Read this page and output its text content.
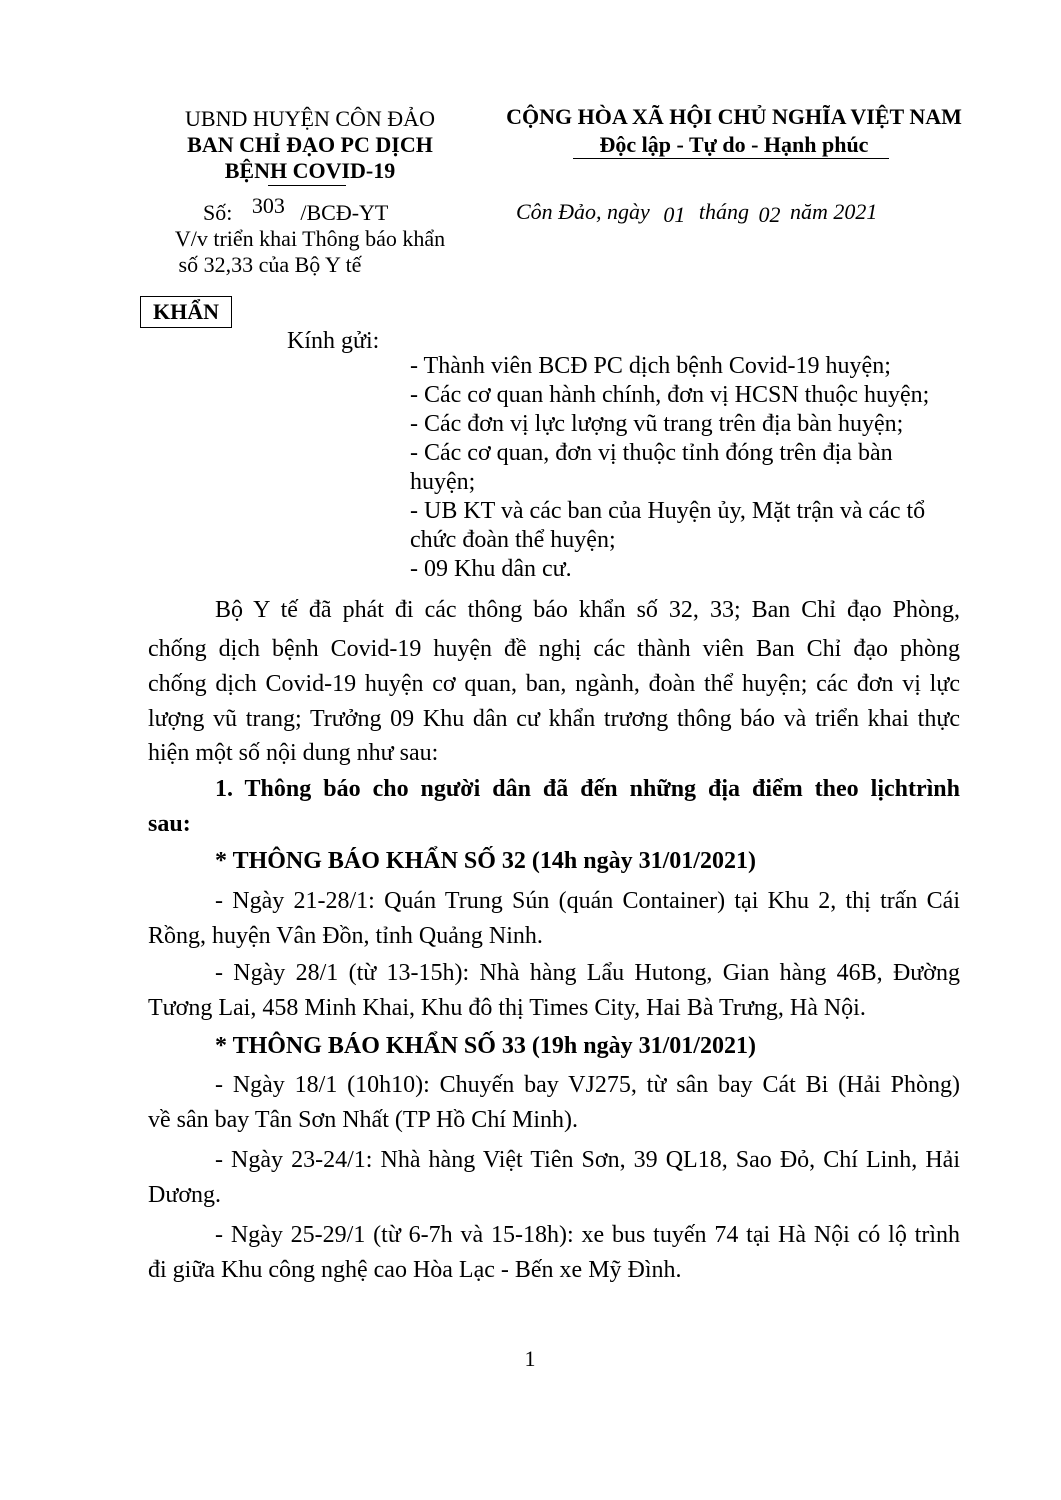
UBND HUYỆN CÔN ĐẢO
BAN CHỈ ĐẠO PC DỊCH
BỆNH COVID-19
Số: 303 /BCĐ-YT
V/v triển khai Thông báo khẩn
số 32,33 của Bộ Y tế
CỘNG HÒA XÃ HỘI CHỦ NGHĨA VIỆT NAM
Độc lập - Tự do - Hạnh phúc
Côn Đảo, ngày 01 tháng 02 năm 2021
KHẨN
Kính gửi:
- Thành viên BCĐ PC dịch bệnh Covid-19 huyện;
- Các cơ quan hành chính, đơn vị HCSN thuộc huyện;
- Các đơn vị lực lượng vũ trang trên địa bàn huyện;
- Các cơ quan, đơn vị thuộc tỉnh đóng trên địa bàn
huyện;
- UB KT và các ban của Huyện ủy, Mặt trận và các tổ
chức đoàn thể huyện;
- 09 Khu dân cư.
Bộ Y tế đã phát đi các thông báo khẩn số 32, 33; Ban Chỉ đạo Phòng,
chống dịch bệnh Covid-19 huyện đề nghị các thành viên Ban Chỉ đạo phòng
chống dịch Covid-19 huyện cơ quan, ban, ngành, đoàn thể huyện; các đơn vị lực
lượng vũ trang; Trưởng 09 Khu dân cư khẩn trương thông báo và triển khai thực
hiện một số nội dung như sau:
1. Thông báo cho người dân đã đến những địa điểm theo lịchtrình
sau:
* THÔNG BÁO KHẨN SỐ 32 (14h ngày 31/01/2021)
- Ngày 21-28/1: Quán Trung Sún (quán Container) tại Khu 2, thị trấn Cái
Rồng, huyện Vân Đồn, tỉnh Quảng Ninh.
- Ngày 28/1 (từ 13-15h): Nhà hàng Lẩu Hutong, Gian hàng 46B, Đường
Tương Lai, 458 Minh Khai, Khu đô thị Times City, Hai Bà Trưng, Hà Nội.
* THÔNG BÁO KHẨN SỐ 33 (19h ngày 31/01/2021)
- Ngày 18/1 (10h10): Chuyến bay VJ275, từ sân bay Cát Bi (Hải Phòng)
về sân bay Tân Sơn Nhất (TP Hồ Chí Minh).
- Ngày 23-24/1: Nhà hàng Việt Tiên Sơn, 39 QL18, Sao Đỏ, Chí Linh, Hải
Dương.
- Ngày 25-29/1 (từ 6-7h và 15-18h): xe bus tuyến 74 tại Hà Nội có lộ trình
đi giữa Khu công nghệ cao Hòa Lạc - Bến xe Mỹ Đình.
1
